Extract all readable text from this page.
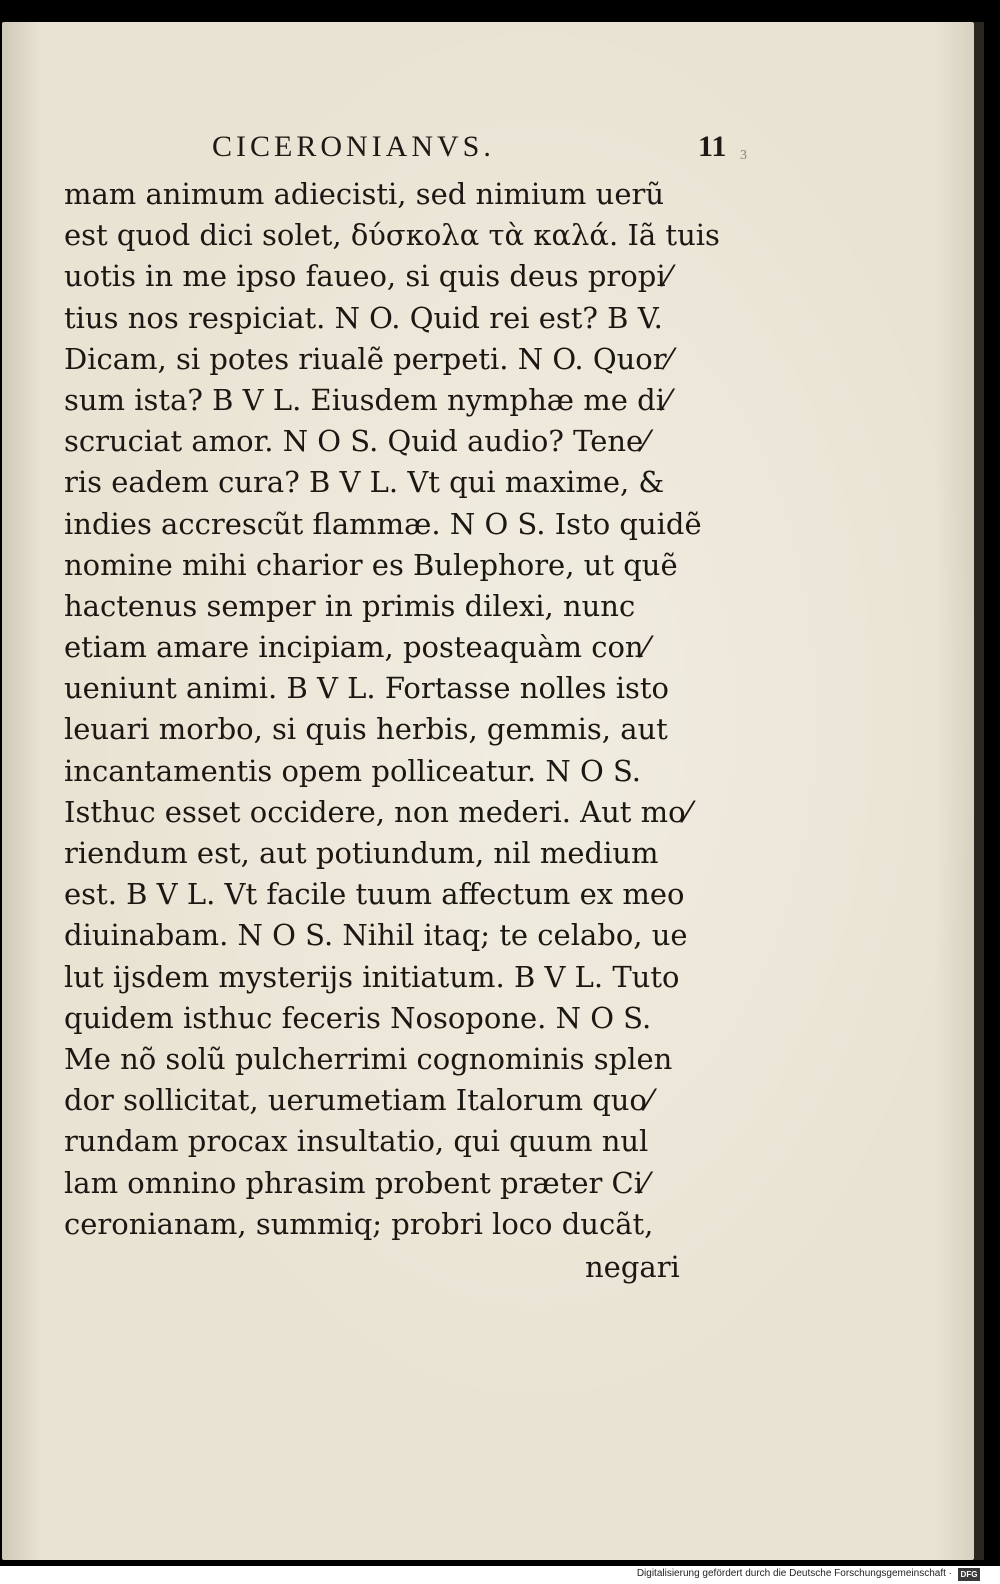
CICERONIANVS.	11 3
mam animum adiecisti, sed nimium uerũ
est quod dici solet, δύσκολα τὰ καλά. Iã tuis
uotis in me ipso faueo, si quis deus propi⁄
tius nos respiciat. N O. Quid rei est? B V.
Dicam, si potes riualẽ perpeti. N O. Quor⁄
sum ista? B V L. Eiusdem nymphæ me di⁄
scruciat amor. N O S. Quid audio? Tene⁄
ris eadem cura? B V L. Vt qui maxime, &
indies accrescũt flammæ. N O S. Isto quidẽ
nomine mihi charior es Bulephore, ut quẽ
hactenus semper in primis dilexi, nunc
etiam amare incipiam, posteaquàm con⁄
ueniunt animi. B V L. Fortasse nolles isto
leuari morbo, si quis herbis, gemmis, aut
incantamentis opem polliceatur. N O S.
Isthuc esset occidere, non mederi. Aut mo⁄
riendum est, aut potiundum, nil medium
est. B V L. Vt facile tuum affectum ex meo
diuinabam. N O S. Nihil itaq; te celabo, ue
lut ijsdem mysterijs initiatum. B V L. Tuto
quidem isthuc feceris Nosopone. N O S.
Me nõ solũ pulcherrimi cognominis splen
dor sollicitat, uerumetiam Italorum quo⁄
rundam procax insultatio, qui quum nul
lam omnino phrasim probent præter Ci⁄
ceronianam, summiq; probri loco ducãt,
negari
Digitalisierung gefördert durch die Deutsche Forschungsgemeinschaft ·	DFG
